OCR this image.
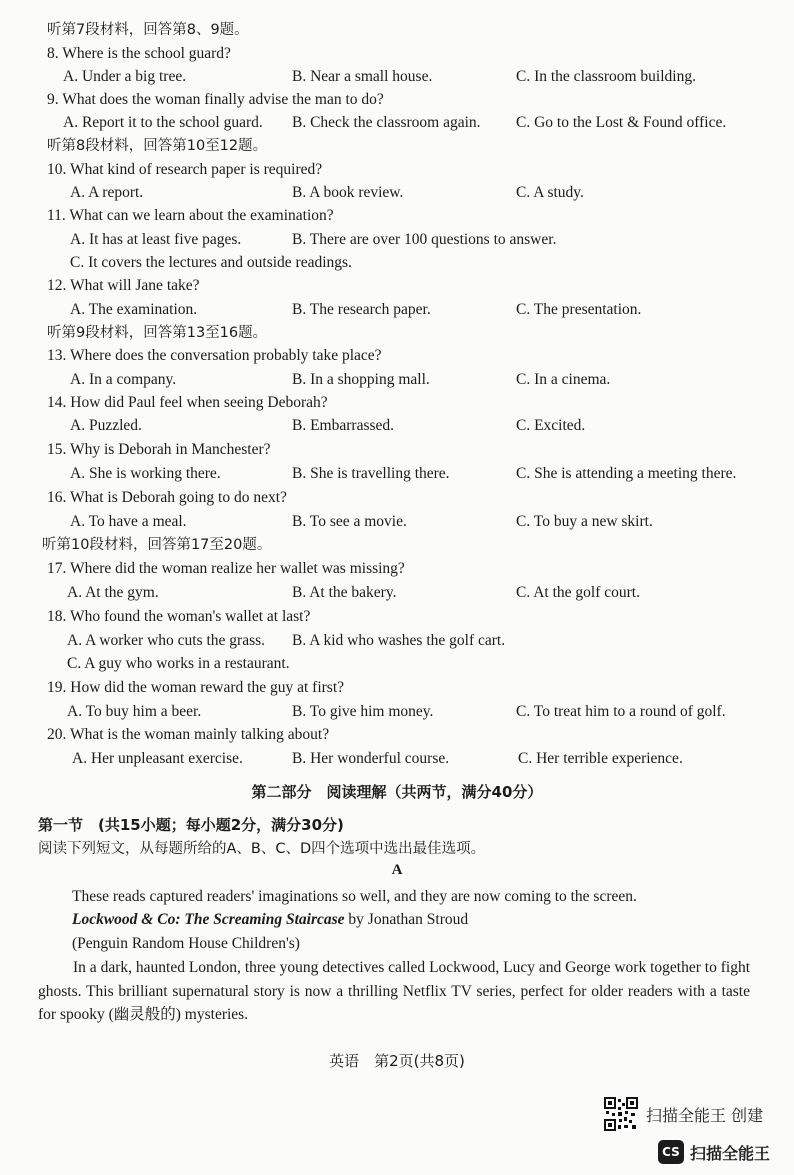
听第7段材料，回答第8、9题。
8. Where is the school guard?
A. Under a big tree.	B. Near a small house.	C. In the classroom building.
9. What does the woman finally advise the man to do?
A. Report it to the school guard. B. Check the classroom again. C. Go to the Lost & Found office.
听第8段材料，回答第10至12题。
10. What kind of research paper is required?
A. A report.	B. A book review.	C. A study.
11. What can we learn about the examination?
A. It has at least five pages.	B. There are over 100 questions to answer.
C. It covers the lectures and outside readings.
12. What will Jane take?
A. The examination.	B. The research paper.	C. The presentation.
听第9段材料，回答第13至16题。
13. Where does the conversation probably take place?
A. In a company.	B. In a shopping mall.	C. In a cinema.
14. How did Paul feel when seeing Deborah?
A. Puzzled.	B. Embarrassed.	C. Excited.
15. Why is Deborah in Manchester?
A. She is working there.	B. She is travelling there.	C. She is attending a meeting there.
16. What is Deborah going to do next?
A. To have a meal.	B. To see a movie.	C. To buy a new skirt.
听第10段材料，回答第17至20题。
17. Where did the woman realize her wallet was missing?
A. At the gym.	B. At the bakery.	C. At the golf court.
18. Who found the woman's wallet at last?
A. A worker who cuts the grass. B. A kid who washes the golf cart.
C. A guy who works in a restaurant.
19. How did the woman reward the guy at first?
A. To buy him a beer.	B. To give him money.	C. To treat him to a round of golf.
20. What is the woman mainly talking about?
A. Her unpleasant exercise.	B. Her wonderful course.	C. Her terrible experience.
第二部分　阅读理解（共两节，满分40分）
第一节　(共15小题；每小题2分，满分30分)
阅读下列短文，从每题所给的A、B、C、D四个选项中选出最佳选项。
A
These reads captured readers' imaginations so well, and they are now coming to the screen.
Lockwood & Co: The Screaming Staircase by Jonathan Stroud
(Penguin Random House Children's)
In a dark, haunted London, three young detectives called Lockwood, Lucy and George work together to fight ghosts. This brilliant supernatural story is now a thrilling Netflix TV series, perfect for older readers with a taste for spooky (幽灵般的) mysteries.
英语　第2页(共8页)
扫描全能王 创建
CS 扫描全能王
